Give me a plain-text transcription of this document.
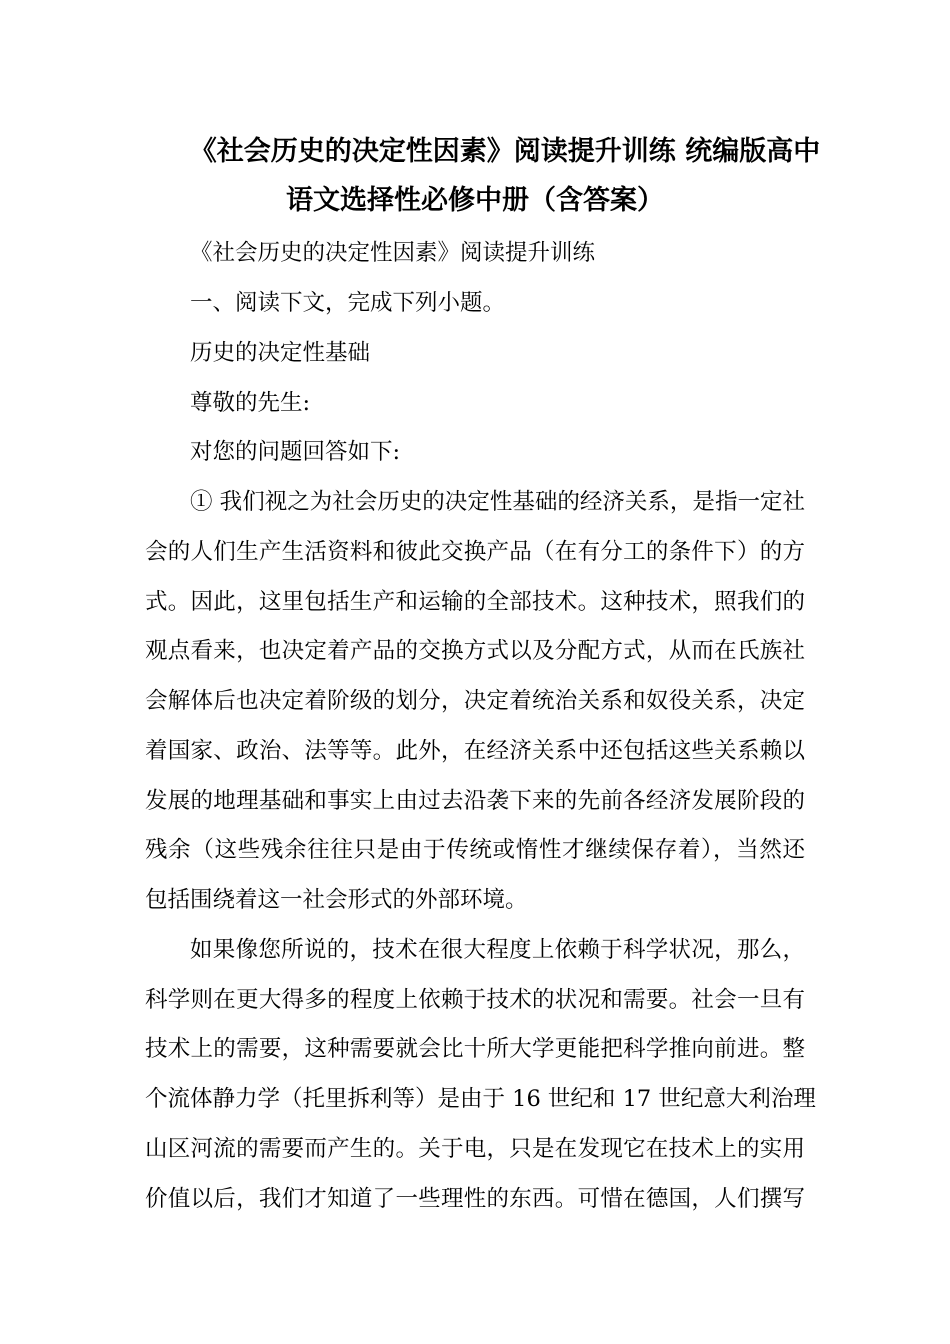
《社会历史的决定性因素》阅读提升训练 统编版高中
语文选择性必修中册（含答案）

《社会历史的决定性因素》阅读提升训练

一、阅读下文，完成下列小题。

历史的决定性基础

尊敬的先生:

对您的问题回答如下:

① 我们视之为社会历史的决定性基础的经济关系，是指一定社

会的人们生产生活资料和彼此交换产品（在有分工的条件下）的方

式。因此，这里包括生产和运输的全部技术。这种技术，照我们的

观点看来，也决定着产品的交换方式以及分配方式，从而在氏族社

会解体后也决定着阶级的划分，决定着统治关系和奴役关系，决定

着国家、政治、法等等。此外，在经济关系中还包括这些关系赖以

发展的地理基础和事实上由过去沿袭下来的先前各经济发展阶段的

残余（这些残余往往只是由于传统或惰性才继续保存着），当然还

包括围绕着这一社会形式的外部环境。

如果像您所说的，技术在很大程度上依赖于科学状况，那么，

科学则在更大得多的程度上依赖于技术的状况和需要。社会一旦有

技术上的需要，这种需要就会比十所大学更能把科学推向前进。整

个流体静力学（托里拆利等）是由于 16 世纪和 17 世纪意大利治理

山区河流的需要而产生的。关于电，只是在发现它在技术上的实用

价值以后，我们才知道了一些理性的东西。可惜在德国，人们撰写
